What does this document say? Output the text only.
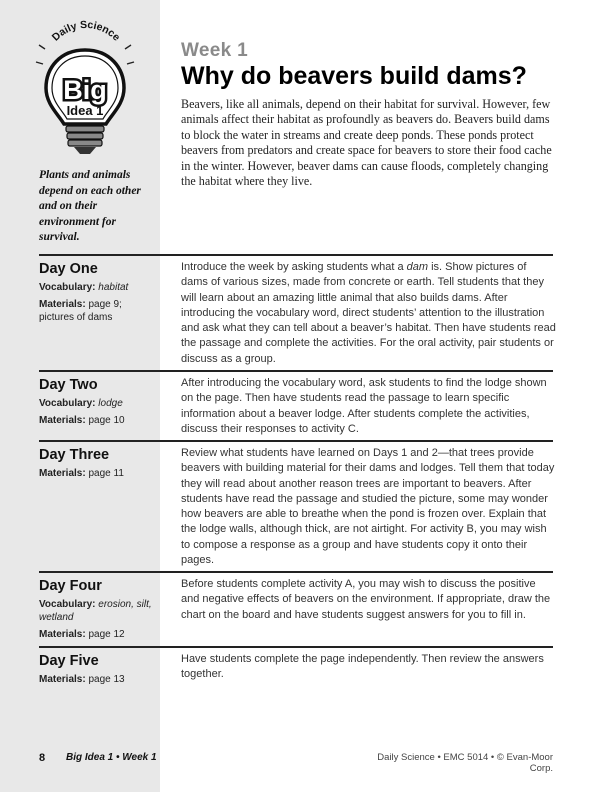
Daily Science
Big
Idea 1
Plants and animals depend on each other and on their environment for survival.
Week 1
Why do beavers build dams?
Beavers, like all animals, depend on their habitat for survival. However, few animals affect their habitat as profoundly as beavers do. Beavers build dams to block the water in streams and create deep ponds. These ponds protect beavers from predators and create space for beavers to store their food cache in the winter. However, beaver dams can cause floods, completely changing the habitat where they live.
Day One
Vocabulary: habitat
Materials: page 9; pictures of dams
Introduce the week by asking students what a dam is. Show pictures of dams of various sizes, made from concrete or earth. Tell students that they will learn about an amazing little animal that also builds dams. After introducing the vocabulary word, direct students’ attention to the illustration and ask what they can tell about a beaver’s habitat. Then have students read the passage and complete the activities. For the oral activity, pair students or discuss as a group.
Day Two
Vocabulary: lodge
Materials: page 10
After introducing the vocabulary word, ask students to find the lodge shown on the page. Then have students read the passage to learn specific information about a beaver lodge. After students complete the activities, discuss their responses to activity C.
Day Three
Materials: page 11
Review what students have learned on Days 1 and 2—that trees provide beavers with building material for their dams and lodges. Tell them that today they will read about another reason trees are important to beavers. After students have read the passage and studied the picture, some may wonder how beavers are able to breathe when the pond is frozen over. Explain that the lodge walls, although thick, are not airtight. For activity B, you may wish to compose a response as a group and have students copy it onto their pages.
Day Four
Vocabulary: erosion, silt, wetland
Materials: page 12
Before students complete activity A, you may wish to discuss the positive and negative effects of beavers on the environment. If appropriate, draw the chart on the board and have students suggest answers for you to fill in.
Day Five
Materials: page 13
Have students complete the page independently. Then review the answers together.
8 Big Idea 1 • Week 1	Daily Science • EMC 5014 • © Evan-Moor Corp.
